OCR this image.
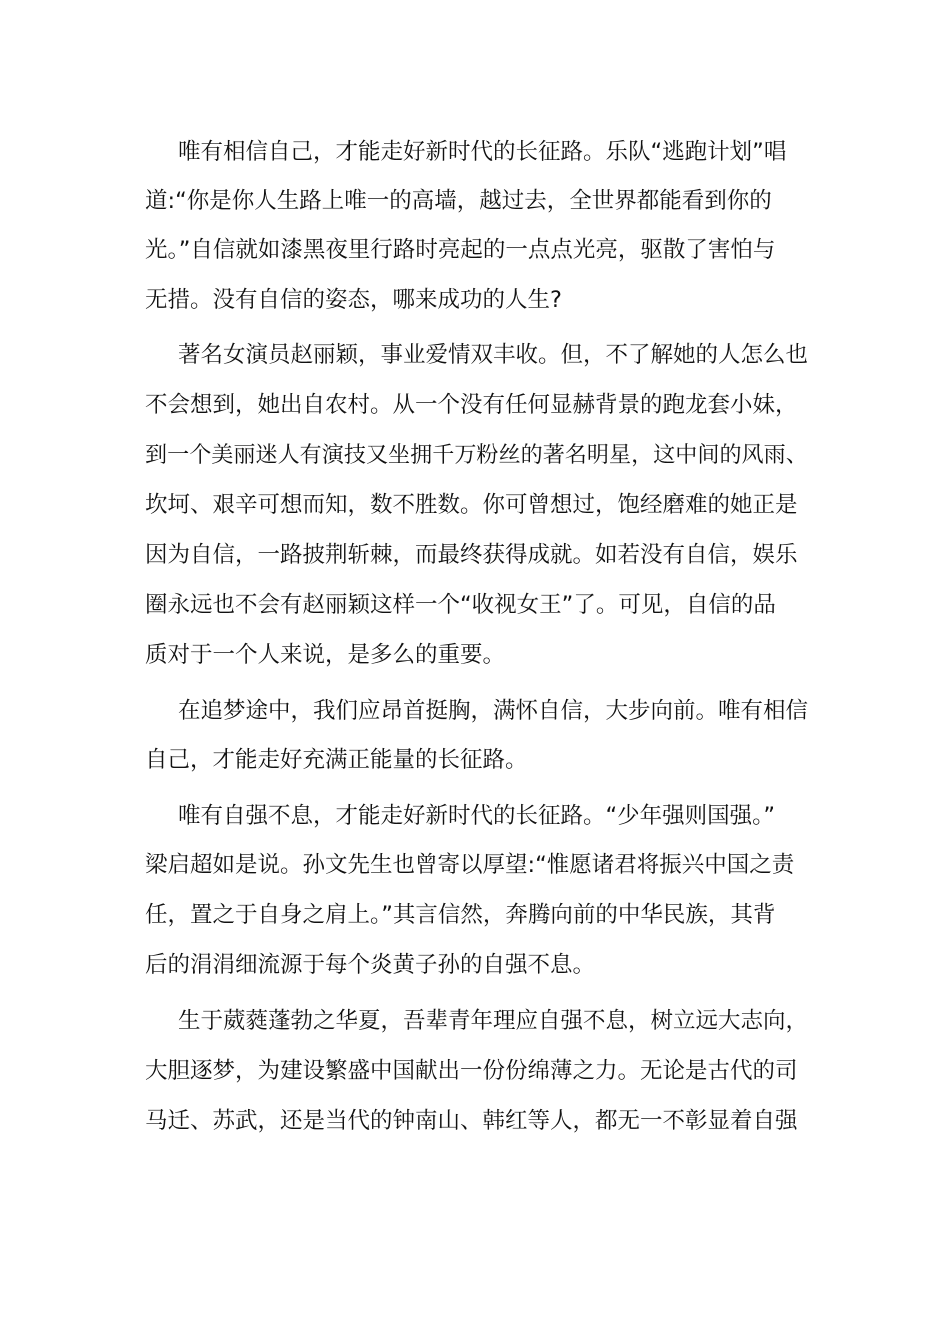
唯有相信自己，才能走好新时代的长征路。乐队“逃跑计划”唱

道:“你是你人生路上唯一的高墙，越过去，全世界都能看到你的

光。”自信就如漆黑夜里行路时亮起的一点点光亮，驱散了害怕与

无措。没有自信的姿态，哪来成功的人生?

著名女演员赵丽颖，事业爱情双丰收。但，不了解她的人怎么也

不会想到，她出自农村。从一个没有任何显赫背景的跑龙套小妹，

到一个美丽迷人有演技又坐拥千万粉丝的著名明星，这中间的风雨、

坎坷、艰辛可想而知，数不胜数。你可曾想过，饱经磨难的她正是

因为自信，一路披荆斩棘，而最终获得成就。如若没有自信，娱乐

圈永远也不会有赵丽颖这样一个“收视女王”了。可见，自信的品

质对于一个人来说，是多么的重要。

在追梦途中，我们应昂首挺胸，满怀自信，大步向前。唯有相信

自己，才能走好充满正能量的长征路。

唯有自强不息，才能走好新时代的长征路。“少年强则国强。”

梁启超如是说。孙文先生也曾寄以厚望:“惟愿诸君将振兴中国之责

任，置之于自身之肩上。”其言信然，奔腾向前的中华民族，其背

后的涓涓细流源于每个炎黄子孙的自强不息。

生于葳蕤蓬勃之华夏，吾辈青年理应自强不息，树立远大志向，

大胆逐梦，为建设繁盛中国献出一份份绵薄之力。无论是古代的司

马迁、苏武，还是当代的钟南山、韩红等人，都无一不彰显着自强
